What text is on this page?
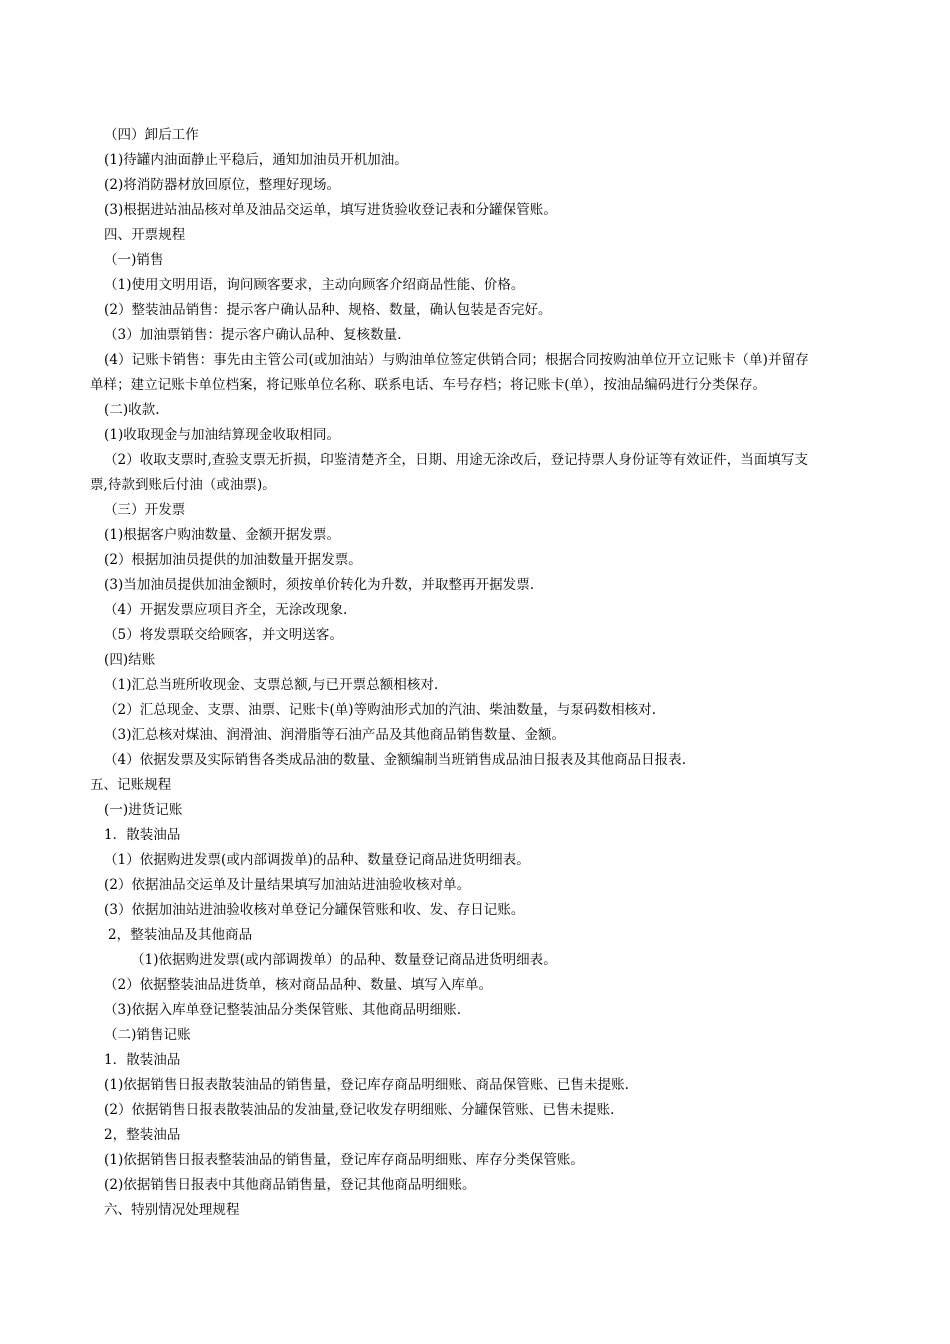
（四）卸后工作
(1)待罐内油面静止平稳后，通知加油员开机加油。
(2)将消防器材放回原位，整理好现场。
(3)根据进站油品核对单及油品交运单，填写进货验收登记表和分罐保管账。
四、开票规程
（一)销售
（1)使用文明用语，询问顾客要求，主动向顾客介绍商品性能、价格。
(2）整装油品销售：提示客户确认品种、规格、数量，确认包装是否完好。
（3）加油票销售：提示客户确认品种、复核数量.
(4）记账卡销售：事先由主管公司(或加油站）与购油单位签定供销合同；根据合同按购油单位开立记账卡（单)并留存
单样；建立记账卡单位档案，将记账单位名称、联系电话、车号存档；将记账卡(单），按油品编码进行分类保存。
(二)收款.
(1)收取现金与加油结算现金收取相同。
（2）收取支票时,查验支票无折损，印鉴清楚齐全，日期、用途无涂改后，登记持票人身份证等有效证件，当面填写支
票,待款到账后付油（或油票)。
（三）开发票
(1)根据客户购油数量、金额开据发票。
(2）根据加油员提供的加油数量开据发票。
(3)当加油员提供加油金额时，须按单价转化为升数，并取整再开据发票.
（4）开据发票应项目齐全，无涂改现象.
（5）将发票联交给顾客，并文明送客。
(四)结账
（1)汇总当班所收现金、支票总额,与已开票总额相核对.
（2）汇总现金、支票、油票、记账卡(单)等购油形式加的汽油、柴油数量，与泵码数相核对.
（3)汇总核对煤油、润滑油、润滑脂等石油产品及其他商品销售数量、金额。
（4）依据发票及实际销售各类成品油的数量、金额编制当班销售成品油日报表及其他商品日报表.
五、记账规程
(一)进货记账
1．散装油品
（1）依据购进发票(或内部调拨单)的品种、数量登记商品进货明细表。
(2）依据油品交运单及计量结果填写加油站进油验收核对单。
(3）依据加油站进油验收核对单登记分罐保管账和收、发、存日记账。
2，整装油品及其他商品
（1)依据购进发票(或内部调拨单）的品种、数量登记商品进货明细表。
（2）依据整装油品进货单，核对商品品种、数量、填写入库单。
（3)依据入库单登记整装油品分类保管账、其他商品明细账.
（二)销售记账
1．散装油品
(1)依据销售日报表散装油品的销售量，登记库存商品明细账、商品保管账、已售未提账.
(2）依据销售日报表散装油品的发油量,登记收发存明细账、分罐保管账、已售未提账.
2，整装油品
(1)依据销售日报表整装油品的销售量，登记库存商品明细账、库存分类保管账。
(2)依据销售日报表中其他商品销售量，登记其他商品明细账。
六、特别情况处理规程
